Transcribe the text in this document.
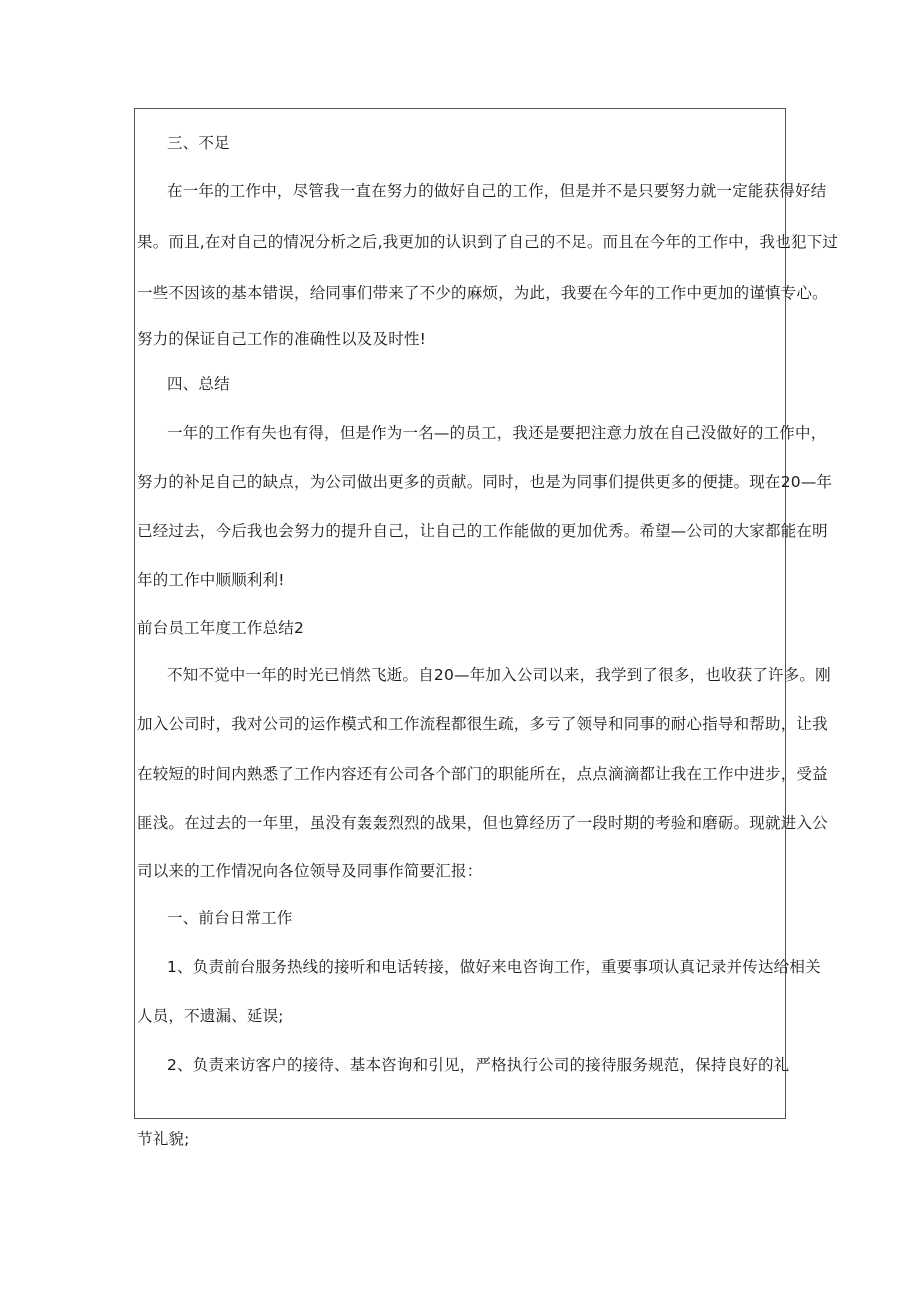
三、不足
在一年的工作中，尽管我一直在努力的做好自己的工作，但是并不是只要努力就一定能获得好结
果。而且,在对自己的情况分析之后,我更加的认识到了自己的不足。而且在今年的工作中，我也犯下过
一些不因该的基本错误，给同事们带来了不少的麻烦，为此，我要在今年的工作中更加的谨慎专心。
努力的保证自己工作的准确性以及及时性!
四、总结
一年的工作有失也有得，但是作为一名—的员工，我还是要把注意力放在自己没做好的工作中，
努力的补足自己的缺点，为公司做出更多的贡献。同时，也是为同事们提供更多的便捷。现在20—年
已经过去，今后我也会努力的提升自己，让自己的工作能做的更加优秀。希望—公司的大家都能在明
年的工作中顺顺利利!
前台员工年度工作总结2
不知不觉中一年的时光已悄然飞逝。自20—年加入公司以来，我学到了很多，也收获了许多。刚
加入公司时，我对公司的运作模式和工作流程都很生疏，多亏了领导和同事的耐心指导和帮助，让我
在较短的时间内熟悉了工作内容还有公司各个部门的职能所在，点点滴滴都让我在工作中进步，受益
匪浅。在过去的一年里，虽没有轰轰烈烈的战果，但也算经历了一段时期的考验和磨砺。现就进入公
司以来的工作情况向各位领导及同事作简要汇报：
一、前台日常工作
1、负责前台服务热线的接听和电话转接，做好来电咨询工作，重要事项认真记录并传达给相关
人员，不遗漏、延误;
2、负责来访客户的接待、基本咨询和引见，严格执行公司的接待服务规范，保持良好的礼
节礼貌;
